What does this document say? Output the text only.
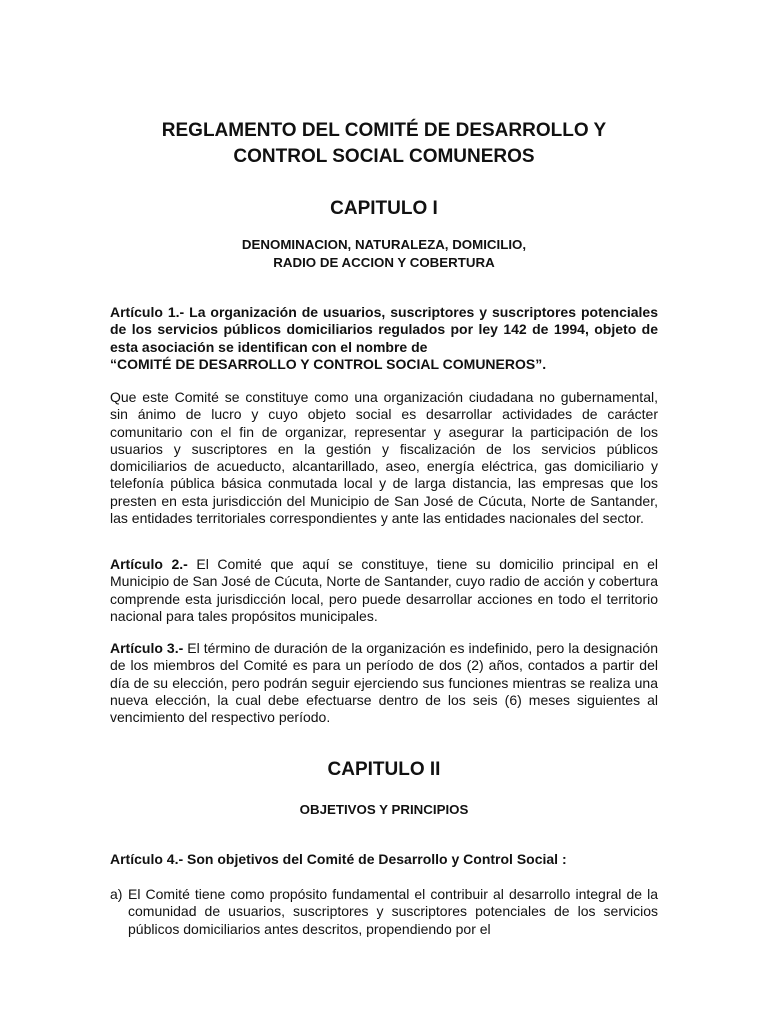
REGLAMENTO DEL COMITÉ DE DESARROLLO Y
CONTROL SOCIAL COMUNEROS
CAPITULO I
DENOMINACION, NATURALEZA, DOMICILIO,
RADIO DE ACCION Y COBERTURA
Artículo 1.- La organización de usuarios, suscriptores y suscriptores potenciales de los servicios públicos domiciliarios regulados por ley 142 de 1994, objeto de esta asociación se identifican con el nombre de
“COMITÉ DE DESARROLLO Y CONTROL SOCIAL COMUNEROS”.

Que este Comité se constituye como una organización ciudadana no gubernamental, sin ánimo de lucro y cuyo objeto social es desarrollar actividades de carácter comunitario con el fin de organizar, representar y asegurar la participación de los usuarios y suscriptores en la gestión y fiscalización de los servicios públicos domiciliarios de acueducto, alcantarillado, aseo, energía eléctrica, gas domiciliario y telefonía pública básica conmutada local y de larga distancia, las empresas que los presten en esta jurisdicción del Municipio de San José de Cúcuta, Norte de Santander, las entidades territoriales correspondientes y ante las entidades nacionales del sector.

Artículo 2.- El Comité que aquí se constituye, tiene su domicilio principal en el Municipio de San José de Cúcuta, Norte de Santander, cuyo radio de acción y cobertura comprende esta jurisdicción local, pero puede desarrollar acciones en todo el territorio nacional para tales propósitos municipales.

Artículo 3.- El término de duración de la organización es indefinido, pero la designación de los miembros del Comité es para un período de dos (2) años, contados a partir del día de su elección, pero podrán seguir ejerciendo sus funciones mientras se realiza una nueva elección, la cual debe efectuarse dentro de los seis (6) meses siguientes al vencimiento del respectivo período.

CAPITULO II
OBJETIVOS Y PRINCIPIOS

Artículo 4.- Son objetivos del Comité de Desarrollo y Control Social :

a) El Comité tiene como propósito fundamental el contribuir al desarrollo integral de la comunidad de usuarios, suscriptores y suscriptores potenciales de los servicios públicos domiciliarios antes descritos, propendiendo por el
